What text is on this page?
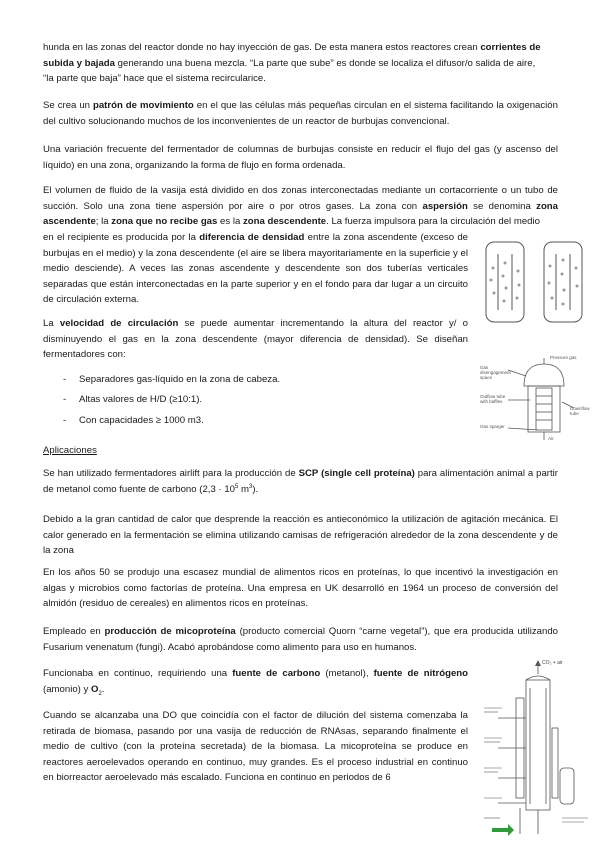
hunda en las zonas del reactor donde no hay inyección de gas. De esta manera estos reactores crean corrientes de
subida y bajada generando una buena mezcla. “La parte que sube” es donde se localiza el difusor/o salida de aire,
“la parte que baja” hace que el sistema recircularice.

Se crea un patrón de movimiento en el que las células más pequeñas circulan en el sistema facilitando la oxigenación del cultivo solucionando muchos de los inconvenientes de un reactor de burbujas convencional.

Una variación frecuente del fermentador de columnas de burbujas consiste en reducir el flujo del gas (y ascenso del líquido) en una zona, organizando la forma de flujo en forma ordenada.

El volumen de fluido de la vasija está dividido en dos zonas interconectadas mediante un cortacorriente o un tubo de succión. Solo una zona tiene aspersión por aire o por otros gases. La zona con aspersión se denomina zona ascendente; la zona que no recibe gas es la zona descendente. La fuerza impulsora para la circulación del medio

en el recipiente es producida por la diferencia de densidad entre la zona ascendente (exceso de burbujas en el medio) y la zona descendente (el aire se libera mayoritariamente en la superficie y el medio desciende). A veces las zonas ascendente y descendente son dos tuberías verticales separadas que están interconectadas en la parte superior y en el fondo para dar lugar a un circuito de circulación externa.

La velocidad de circulación se puede aumentar incrementando la altura del reactor y/ o disminuyendo el gas en la zona descendente (mayor diferencia de densidad). Se diseñan fermentadores con:

- Separadores gas-líquido en la zona de cabeza.
- Altas valores de H/D (≥10:1).
- Con capacidades ≥ 1000 m3.
Aplicaciones

Se han utilizado fermentadores airlift para la producción de SCP (single cell proteína) para alimentación animal a partir de metanol como fuente de carbono ($2,3 \cdot 10^5$ $m^3$).

Debido a la gran cantidad de calor que desprende la reacción es antieconómico la utilización de agitación mecánica. El calor generado en la fermentación se elimina utilizando camisas de refrigeración alrededor de la zona descendente y de la zona

En los años 50 se produjo una escasez mundial de alimentos ricos en proteínas, lo que incentivó la investigación en algas y microbios como factorías de proteína. Una empresa en UK desarrolló en 1964 un proceso de conversión del almidón (residuo de cereales) en alimentos ricos en proteínas.

Empleado en producción de micoproteína (producto comercial Quorn “carne vegetal”), que era producida utilizando Fusarium venenatum (fungi). Acabó aprobándose como alimento para uso en humanos.

Funcionaba en continuo, requiriendo una fuente de carbono (metanol), fuente de nitrógeno (amonio) y $O_2$.

Cuando se alcanzaba una DO que coincidía con el factor de dilución del sistema comenzaba la retirada de biomasa, pasando por una vasija de reducción de RNAsas, separando finalmente el medio de cultivo (con la proteína secretada) de la biomasa. La micoproteína se produce en reactores aeroelevados operando en continuo, muy grandes. Es el proceso industrial en continuo en biorreactor aeroelevado más escalado. Funciona en continuo en periodos de 6

Pressure gas
Gas disengagement space
Outflow tube with baffles
Downflow tube
Gas sparger
Air
CO₂ + air
